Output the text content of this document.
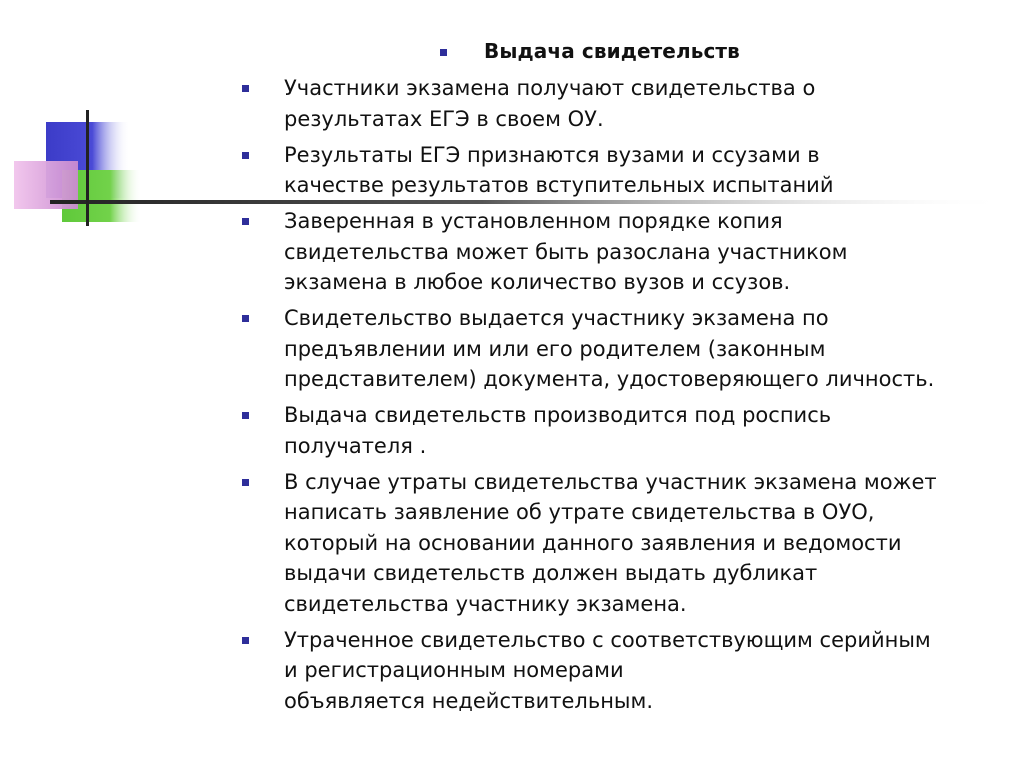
Выдача свидетельств
Участники экзамена получают свидетельства о
результатах ЕГЭ в своем ОУ.
Результаты ЕГЭ признаются вузами и ссузами в
качестве результатов вступительных испытаний
Заверенная в установленном порядке копия
свидетельства может быть разослана участником
экзамена в любое количество вузов и ссузов.
Свидетельство выдается участнику экзамена по
предъявлении им или его родителем (законным
представителем) документа, удостоверяющего личность.
Выдача свидетельств производится под роспись
получателя .
В случае утраты свидетельства участник экзамена может
написать заявление об утрате свидетельства в ОУО,
который на основании данного заявления и ведомости
выдачи свидетельств должен выдать дубликат
свидетельства участнику экзамена.
Утраченное свидетельство с соответствующим серийным
и регистрационным номерами
объявляется недействительным.
